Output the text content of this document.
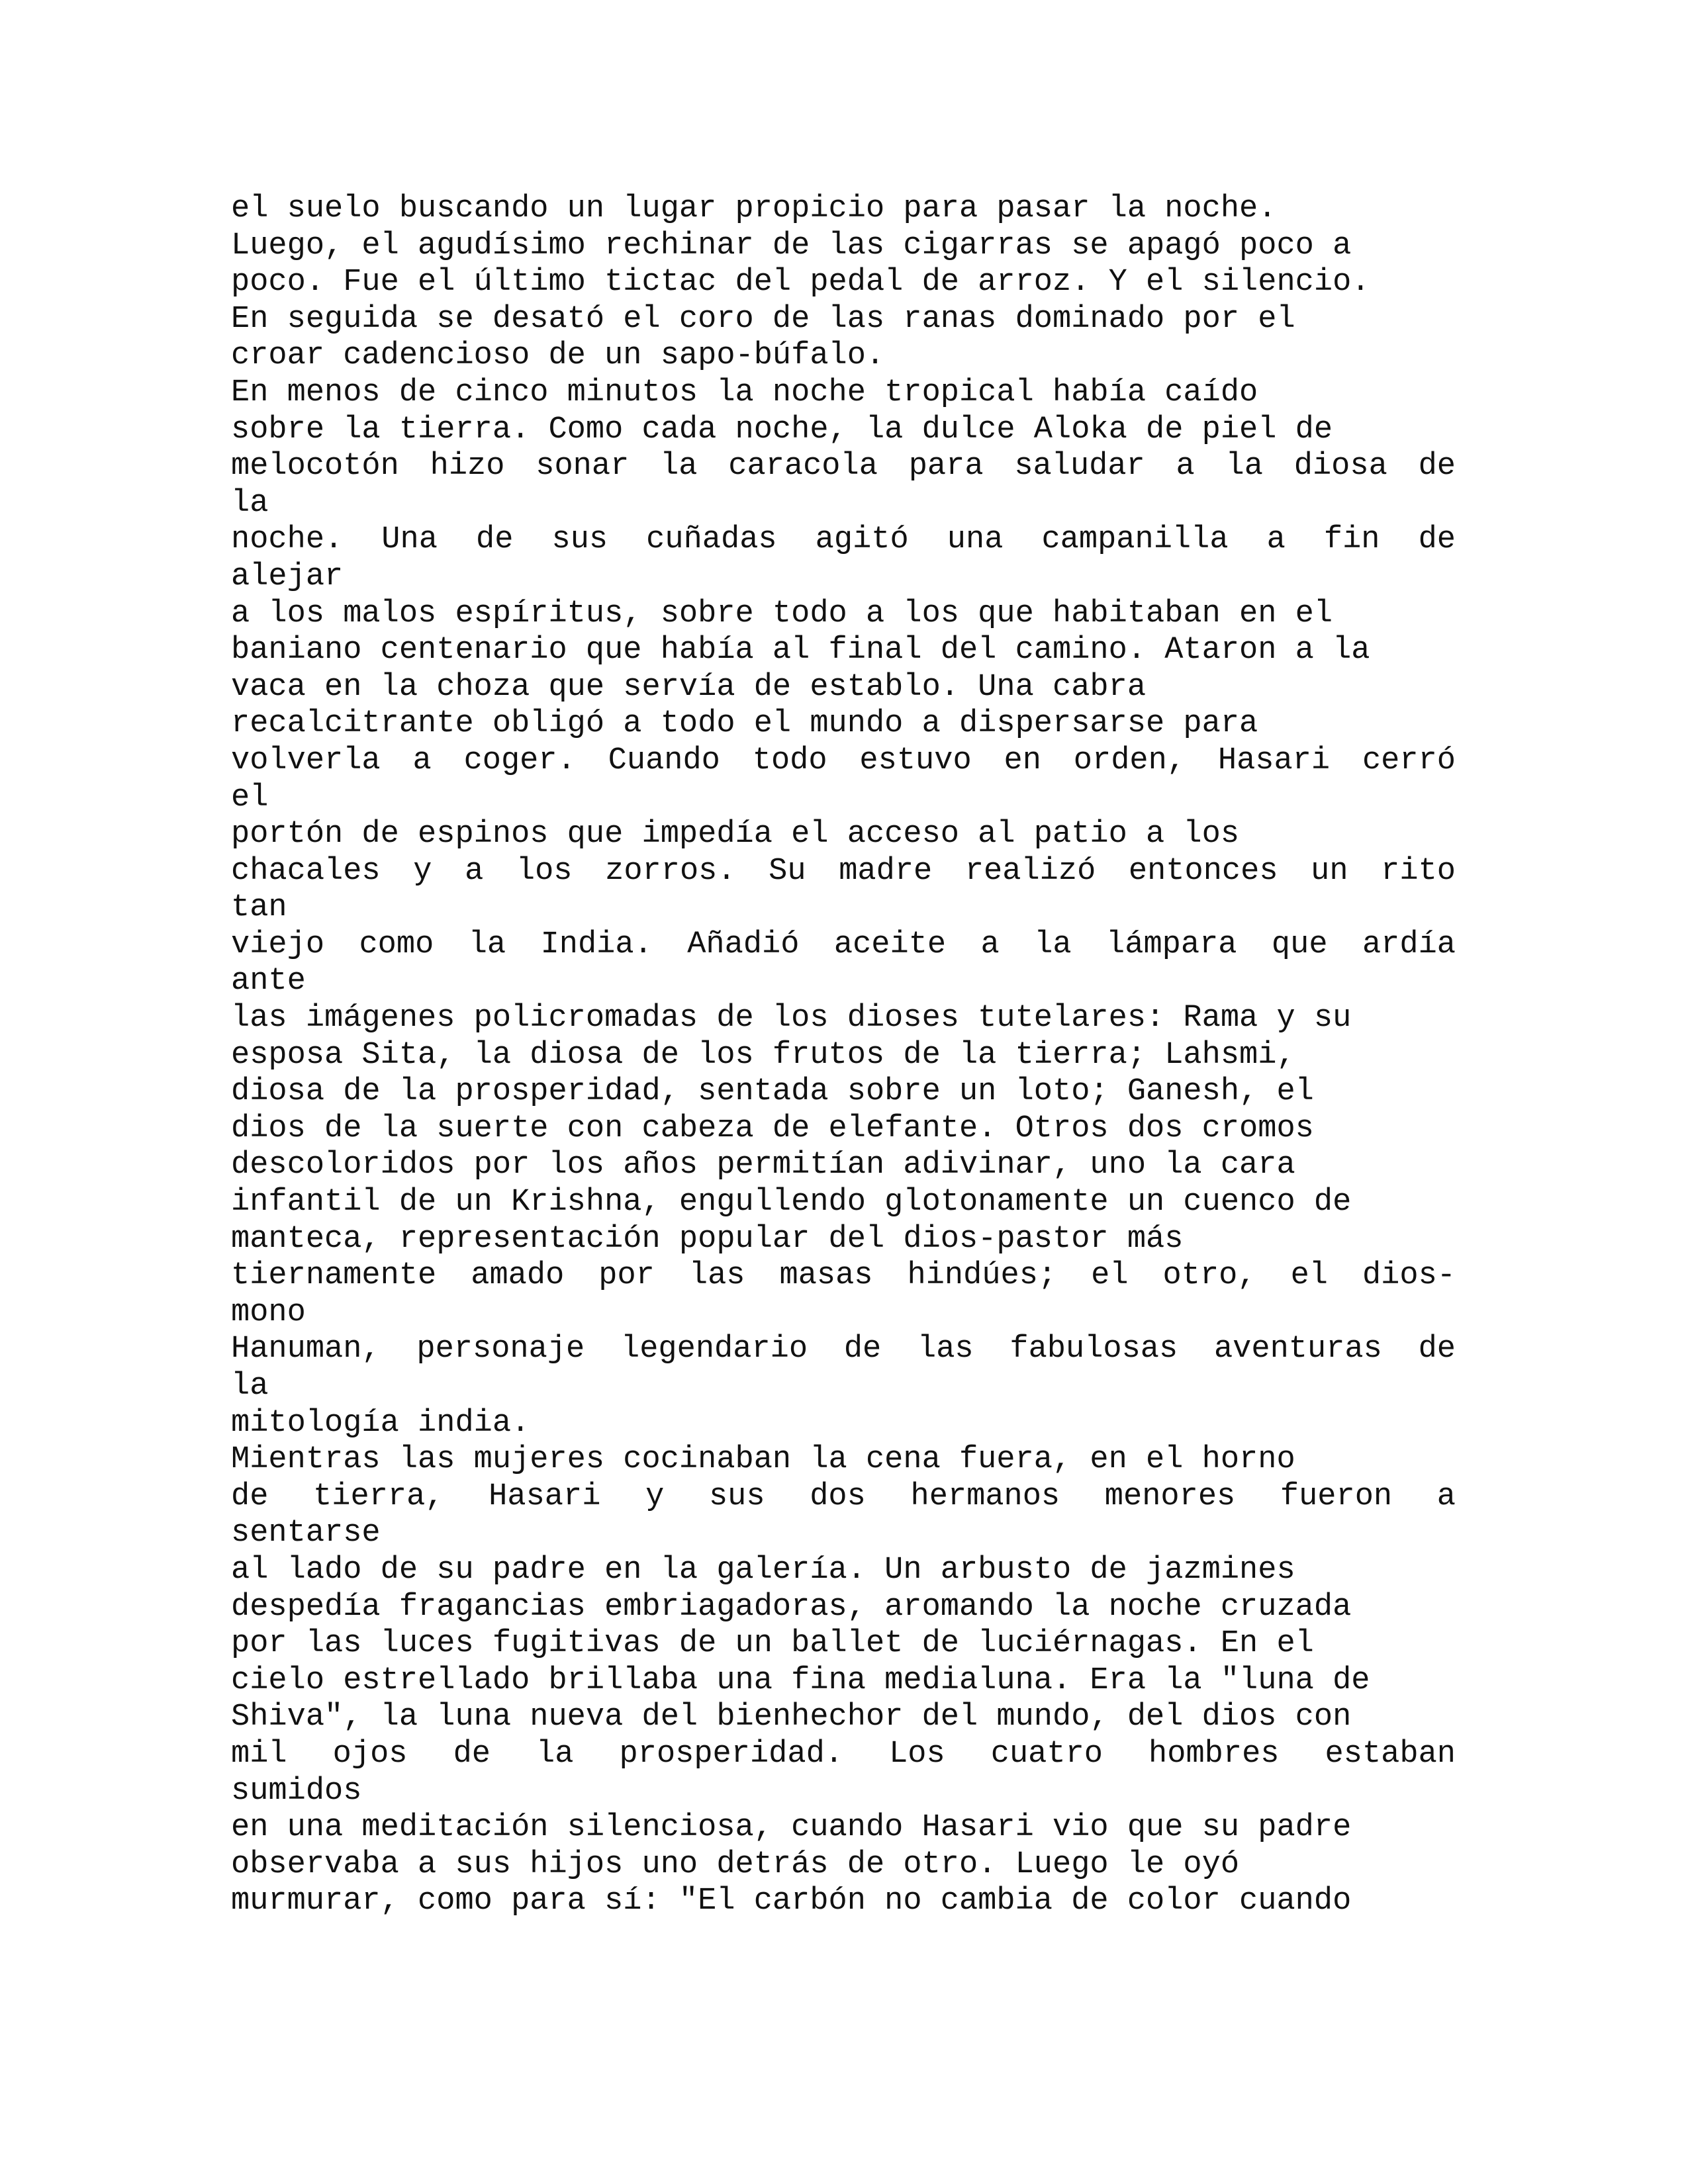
el suelo buscando un lugar propicio para pasar la noche.
Luego, el agudísimo rechinar de las cigarras se apagó poco a
poco. Fue el último tictac del pedal de arroz. Y el silencio.
En seguida se desató el coro de las ranas dominado por el
croar cadencioso de un sapo-búfalo.
En menos de cinco minutos la noche tropical había caído
sobre la tierra. Como cada noche, la dulce Aloka de piel de
melocotón hizo sonar la caracola para saludar a la diosa de
la
noche. Una de sus cuñadas agitó una campanilla a fin de
alejar
a los malos espíritus, sobre todo a los que habitaban en el
baniano centenario que había al final del camino. Ataron a la
vaca en la choza que servía de establo. Una cabra
recalcitrante obligó a todo el mundo a dispersarse para
volverla a coger. Cuando todo estuvo en orden, Hasari cerró
el
portón de espinos que impedía el acceso al patio a los
chacales y a los zorros. Su madre realizó entonces un rito
tan
viejo como la India. Añadió aceite a la lámpara que ardía
ante
las imágenes policromadas de los dioses tutelares: Rama y su
esposa Sita, la diosa de los frutos de la tierra; Lahsmi,
diosa de la prosperidad, sentada sobre un loto; Ganesh, el
dios de la suerte con cabeza de elefante. Otros dos cromos
descoloridos por los años permitían adivinar, uno la cara
infantil de un Krishna, engullendo glotonamente un cuenco de
manteca, representación popular del dios-pastor más
tiernamente amado por las masas hindúes; el otro, el dios-
mono
Hanuman, personaje legendario de las fabulosas aventuras de
la
mitología india.
Mientras las mujeres cocinaban la cena fuera, en el horno
de tierra, Hasari y sus dos hermanos menores fueron a
sentarse
al lado de su padre en la galería. Un arbusto de jazmines
despedía fragancias embriagadoras, aromando la noche cruzada
por las luces fugitivas de un ballet de luciérnagas. En el
cielo estrellado brillaba una fina medialuna. Era la "luna de
Shiva", la luna nueva del bienhechor del mundo, del dios con
mil ojos de la prosperidad. Los cuatro hombres estaban
sumidos
en una meditación silenciosa, cuando Hasari vio que su padre
observaba a sus hijos uno detrás de otro. Luego le oyó
murmurar, como para sí: "El carbón no cambia de color cuando
